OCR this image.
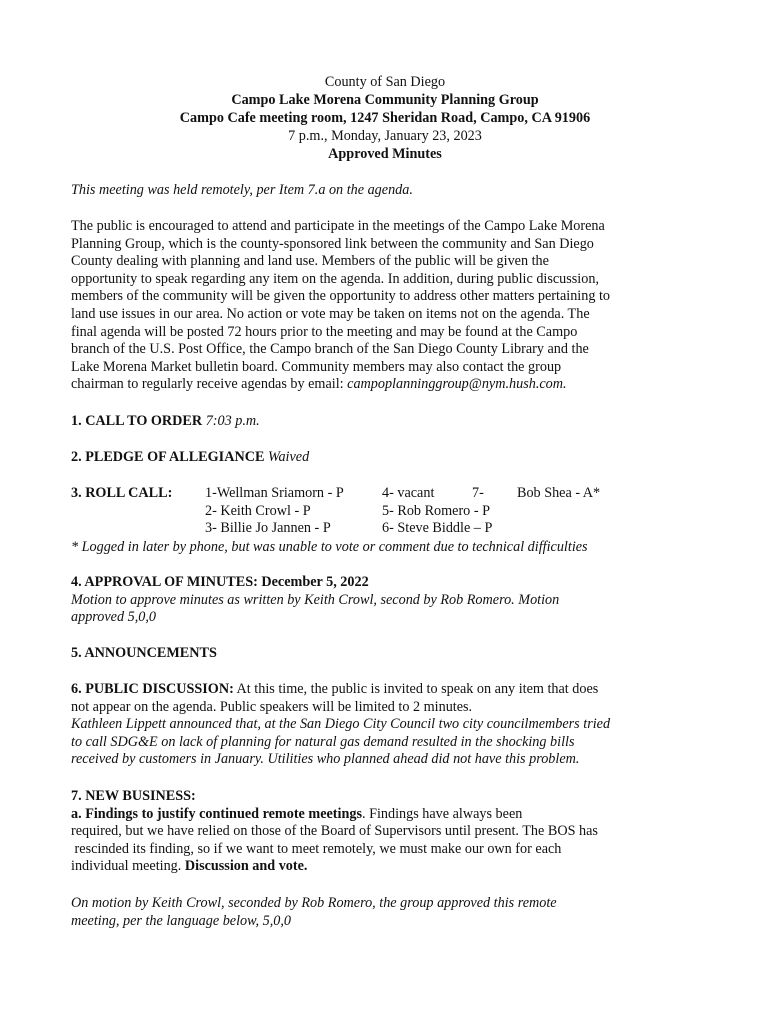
County of San Diego
Campo Lake Morena Community Planning Group
Campo Cafe meeting room, 1247 Sheridan Road, Campo, CA 91906
7 p.m., Monday, January 23, 2023
Approved Minutes
This meeting was held remotely, per Item 7.a on the agenda.
The public is encouraged to attend and participate in the meetings of the Campo Lake Morena
Planning Group, which is the county-sponsored link between the community and San Diego
County dealing with planning and land use. Members of the public will be given the
opportunity to speak regarding any item on the agenda. In addition, during public discussion,
members of the community will be given the opportunity to address other matters pertaining to
land use issues in our area. No action or vote may be taken on items not on the agenda. The
final agenda will be posted 72 hours prior to the meeting and may be found at the Campo
branch of the U.S. Post Office, the Campo branch of the San Diego County Library and the
Lake Morena Market bulletin board. Community members may also contact the group
chairman to regularly receive agendas by email: campoplanninggroup@nym.hush.com.
1. CALL TO ORDER 7:03 p.m.
2. PLEDGE OF ALLEGIANCE Waived
3. ROLL CALL: 1-Wellman Sriamorn - P
2- Keith Crowl - P
3- Billie Jo Jannen - P
4- vacant
5- Rob Romero - P
6- Steve Biddle – P
7- Bob Shea - A*
* Logged in later by phone, but was unable to vote or comment due to technical difficulties
4. APPROVAL OF MINUTES: December 5, 2022
Motion to approve minutes as written by Keith Crowl, second by Rob Romero. Motion
approved 5,0,0
5. ANNOUNCEMENTS
6. PUBLIC DISCUSSION: At this time, the public is invited to speak on any item that does
not appear on the agenda. Public speakers will be limited to 2 minutes.
Kathleen Lippett announced that, at the San Diego City Council two city councilmembers tried
to call SDG&E on lack of planning for natural gas demand resulted in the shocking bills
received by customers in January. Utilities who planned ahead did not have this problem.
7. NEW BUSINESS:
a. Findings to justify continued remote meetings. Findings have always been
required, but we have relied on those of the Board of Supervisors until present. The BOS has
rescinded its finding, so if we want to meet remotely, we must make our own for each
individual meeting. Discussion and vote.
On motion by Keith Crowl, seconded by Rob Romero, the group approved this remote
meeting, per the language below, 5,0,0
